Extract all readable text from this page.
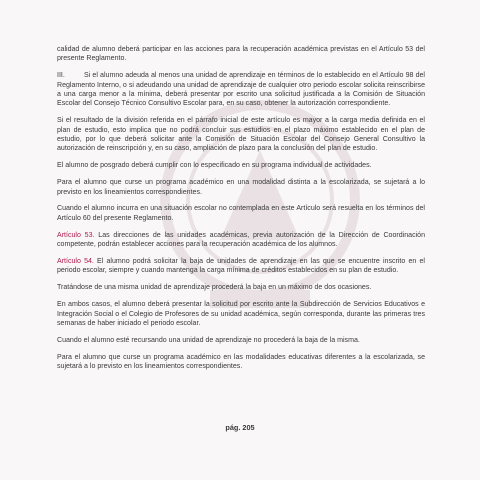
calidad de alumno deberá participar en las acciones para la recuperación académica previstas en el Artículo 53 del presente Reglamento.

III.	Si el alumno adeuda al menos una unidad de aprendizaje en términos de lo establecido en el Artículo 98 del Reglamento Interno, o si adeudando una unidad de aprendizaje de cualquier otro periodo escolar solicita reinscribirse a una carga menor a la mínima, deberá presentar por escrito una solicitud justificada a la Comisión de Situación Escolar del Consejo Técnico Consultivo Escolar para, en su caso, obtener la autorización correspondiente.

Si el resultado de la división referida en el párrafo inicial de este artículo es mayor a la carga media definida en el plan de estudio, esto implica que no podrá concluir sus estudios en el plazo máximo establecido en el plan de estudio, por lo que deberá solicitar ante la Comisión de Situación Escolar del Consejo General Consultivo la autorización de reinscripción y, en su caso, ampliación de plazo para la conclusión del plan de estudio.

El alumno de posgrado deberá cumplir con lo especificado en su programa individual de actividades.

Para el alumno que curse un programa académico en una modalidad distinta a la escolarizada, se sujetará a lo previsto en los lineamientos correspondientes.

Cuando el alumno incurra en una situación escolar no contemplada en este Artículo será resuelta en los términos del Artículo 60 del presente Reglamento.

Artículo 53. Las direcciones de las unidades académicas, previa autorización de la Dirección de Coordinación competente, podrán establecer acciones para la recuperación académica de los alumnos.

Artículo 54. El alumno podrá solicitar la baja de unidades de aprendizaje en las que se encuentre inscrito en el periodo escolar, siempre y cuando mantenga la carga mínima de créditos establecidos en su plan de estudio.

Tratándose de una misma unidad de aprendizaje procederá la baja en un máximo de dos ocasiones.

En ambos casos, el alumno deberá presentar la solicitud por escrito ante la Subdirección de Servicios Educativos e Integración Social o el Colegio de Profesores de su unidad académica, según corresponda, durante las primeras tres semanas de haber iniciado el periodo escolar.

Cuando el alumno esté recursando una unidad de aprendizaje no procederá la baja de la misma.

Para el alumno que curse un programa académico en las modalidades educativas diferentes a la escolarizada, se sujetará a lo previsto en los lineamientos correspondientes.

pág. 205
